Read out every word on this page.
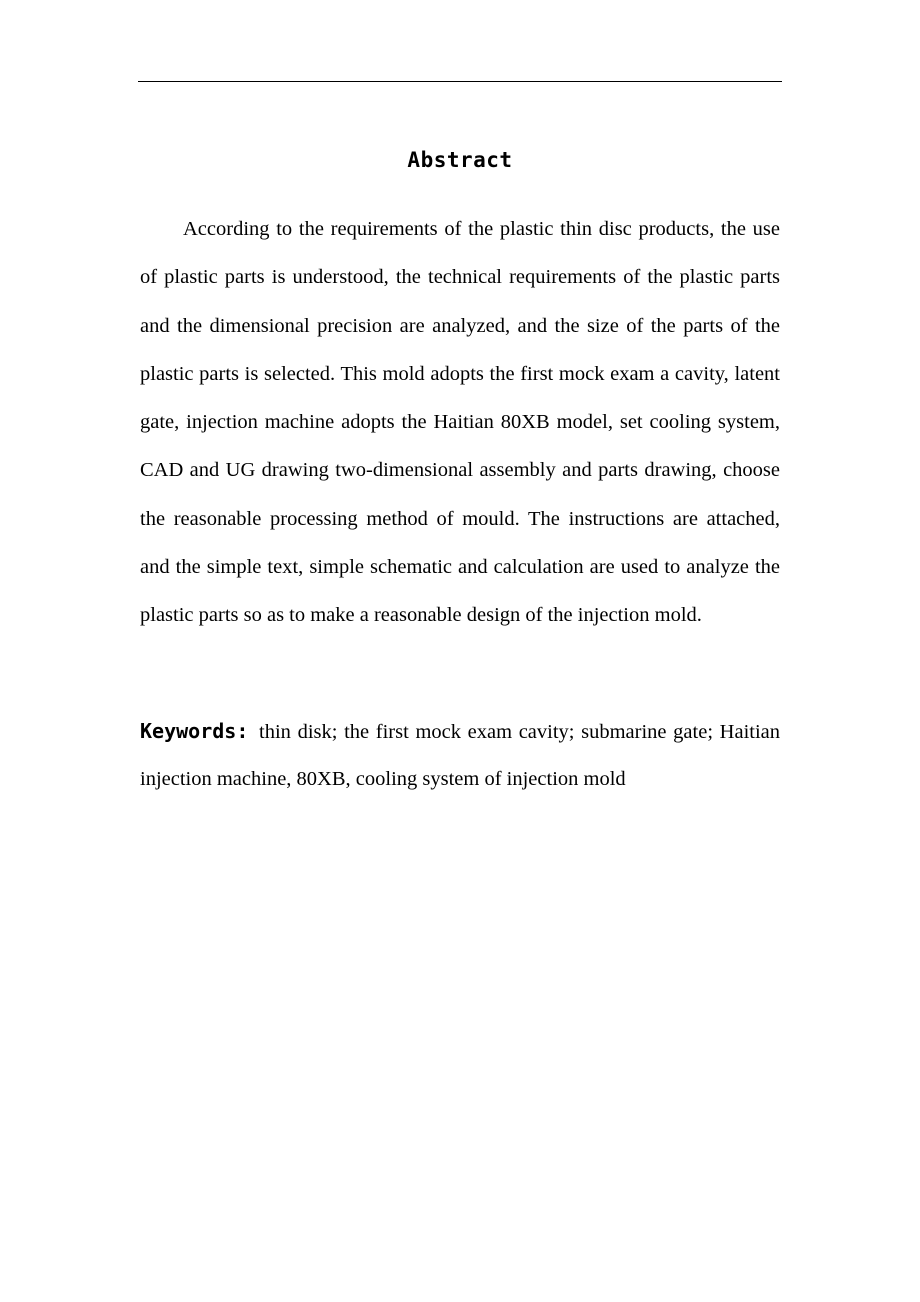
Abstract

According to the requirements of the plastic thin disc products, the use of plastic parts is understood, the technical requirements of the plastic parts and the dimensional precision are analyzed, and the size of the parts of the plastic parts is selected. This mold adopts the first mock exam a cavity, latent gate, injection machine adopts the Haitian 80XB model, set cooling system, CAD and UG drawing two-dimensional assembly and parts drawing, choose the reasonable processing method of mould. The instructions are attached, and the simple text, simple schematic and calculation are used to analyze the plastic parts so as to make a reasonable design of the injection mold.

Keywords: thin disk; the first mock exam cavity; submarine gate; Haitian injection machine, 80XB, cooling system of injection mold
